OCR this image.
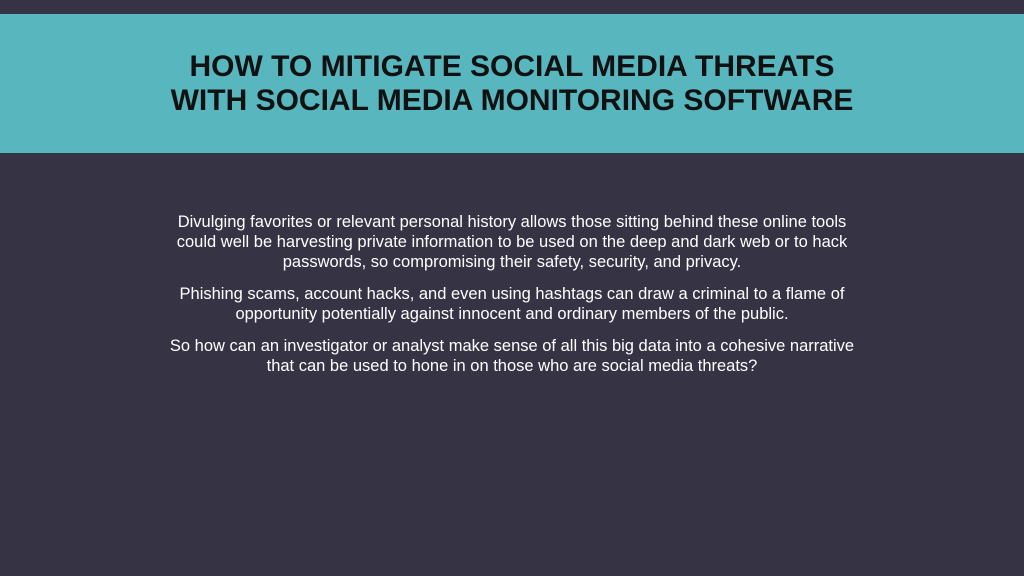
HOW TO MITIGATE SOCIAL MEDIA THREATS
WITH SOCIAL MEDIA MONITORING SOFTWARE

Divulging favorites or relevant personal history allows those sitting behind these online tools
could well be harvesting private information to be used on the deep and dark web or to hack
passwords, so compromising their safety, security, and privacy.

Phishing scams, account hacks, and even using hashtags can draw a criminal to a flame of
opportunity potentially against innocent and ordinary members of the public.

So how can an investigator or analyst make sense of all this big data into a cohesive narrative
that can be used to hone in on those who are social media threats?
